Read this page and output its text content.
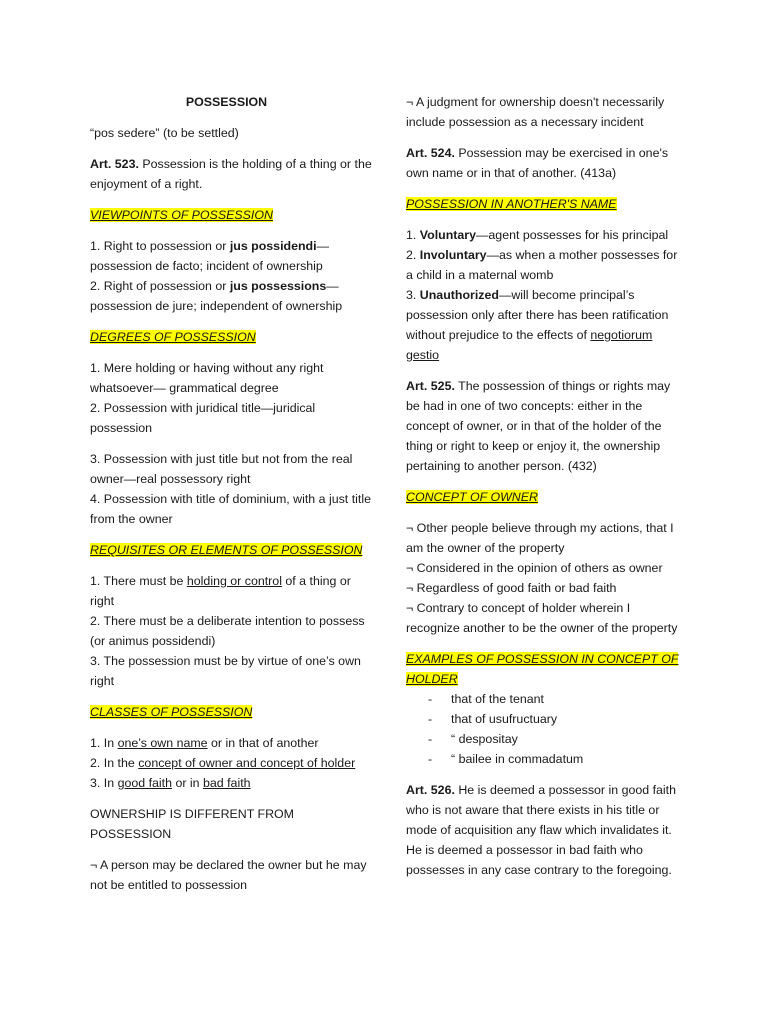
POSSESSION

“pos sedere” (to be settled)

Art. 523. Possession is the holding of a thing or the enjoyment of a right.

VIEWPOINTS OF POSSESSION

1. Right to possession or jus possidendi— possession de facto; incident of ownership

2. Right of possession or jus possessions— possession de jure; independent of ownership

DEGREES OF POSSESSION

1. Mere holding or having without any right whatsoever— grammatical degree

2. Possession with juridical title—juridical possession

3. Possession with just title but not from the real owner—real possessory right

4. Possession with title of dominium, with a just title from the owner

REQUISITES OR ELEMENTS OF POSSESSION

1. There must be holding or control of a thing or right

2. There must be a deliberate intention to possess (or animus possidendi)

3. The possession must be by virtue of one’s own right

CLASSES OF POSSESSION

1. In one’s own name or in that of another

2. In the concept of owner and concept of holder

3. In good faith or in bad faith

OWNERSHIP IS DIFFERENT FROM POSSESSION

¬ A person may be declared the owner but he may not be entitled to possession

¬ A judgment for ownership doesn't necessarily include possession as a necessary incident

Art. 524. Possession may be exercised in one's own name or in that of another. (413a)

POSSESSION IN ANOTHER'S NAME

1. Voluntary—agent possesses for his principal

2. Involuntary—as when a mother possesses for a child in a maternal womb

3. Unauthorized—will become principal’s possession only after there has been ratification without prejudice to the effects of negotiorum gestio

Art. 525. The possession of things or rights may be had in one of two concepts: either in the concept of owner, or in that of the holder of the thing or right to keep or enjoy it, the ownership pertaining to another person. (432)

CONCEPT OF OWNER

¬ Other people believe through my actions, that I am the owner of the property

¬ Considered in the opinion of others as owner

¬ Regardless of good faith or bad faith

¬ Contrary to concept of holder wherein I recognize another to be the owner of the property

EXAMPLES OF POSSESSION IN CONCEPT OF HOLDER

- that of the tenant
- that of usufructuary
- “ despositay
- “ bailee in commadatum

Art. 526. He is deemed a possessor in good faith who is not aware that there exists in his title or mode of acquisition any flaw which invalidates it. He is deemed a possessor in bad faith who possesses in any case contrary to the foregoing.
